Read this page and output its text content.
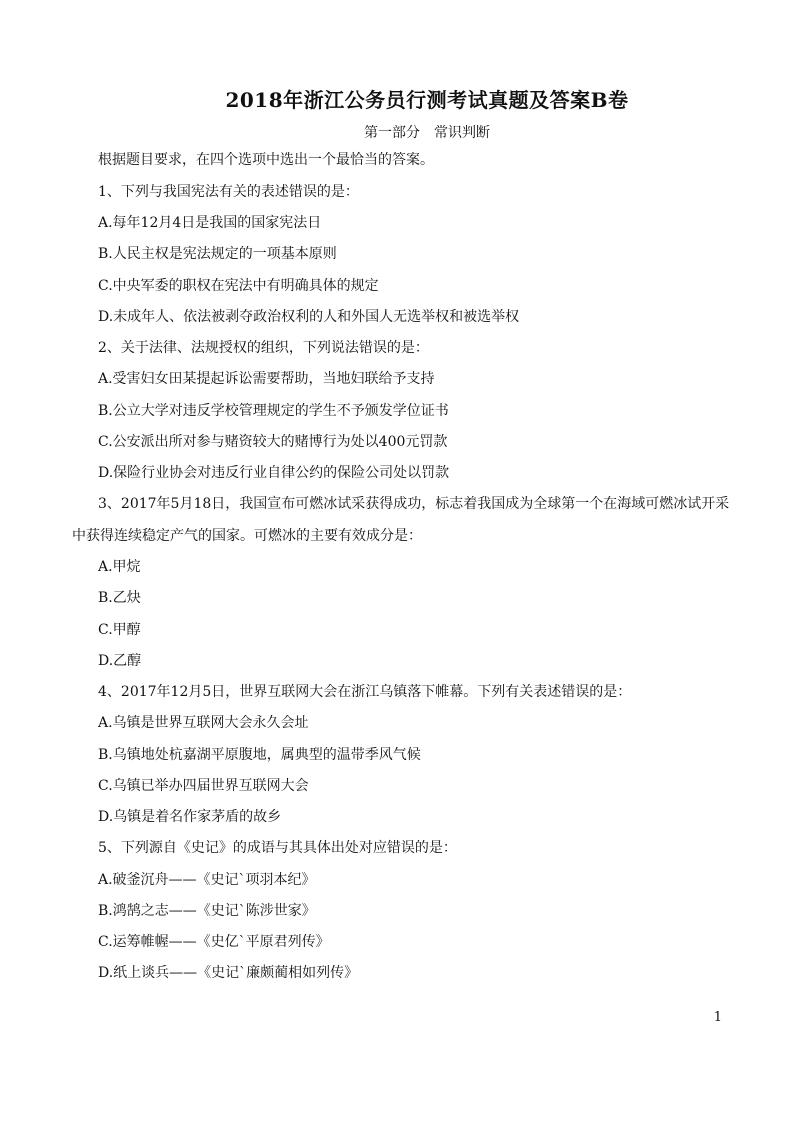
2018年浙江公务员行测考试真题及答案B卷
第一部分　常识判断
根据题目要求，在四个选项中选出一个最恰当的答案。
1、下列与我国宪法有关的表述错误的是：
A.每年12月4日是我国的国家宪法日
B.人民主权是宪法规定的一项基本原则
C.中央军委的职权在宪法中有明确具体的规定
D.未成年人、依法被剥夺政治权利的人和外国人无选举权和被选举权
2、关于法律、法规授权的组织，下列说法错误的是：
A.受害妇女田某提起诉讼需要帮助，当地妇联给予支持
B.公立大学对违反学校管理规定的学生不予颁发学位证书
C.公安派出所对参与赌资较大的赌博行为处以400元罚款
D.保险行业协会对违反行业自律公约的保险公司处以罚款
3、2017年5月18日，我国宣布可燃冰试采获得成功，标志着我国成为全球第一个在海域可燃冰试开采
中获得连续稳定产气的国家。可燃冰的主要有效成分是：
A.甲烷
B.乙炔
C.甲醇
D.乙醇
4、2017年12月5日，世界互联网大会在浙江乌镇落下帷幕。下列有关表述错误的是：
A.乌镇是世界互联网大会永久会址
B.乌镇地处杭嘉湖平原腹地，属典型的温带季风气候
C.乌镇已举办四届世界互联网大会
D.乌镇是着名作家茅盾的故乡
5、下列源自《史记》的成语与其具体出处对应错误的是：
A.破釜沉舟——《史记`项羽本纪》
B.鸿鹄之志——《史记`陈涉世家》
C.运筹帷幄——《史亿`平原君列传》
D.纸上谈兵——《史记`廉颇蔺相如列传》
1
